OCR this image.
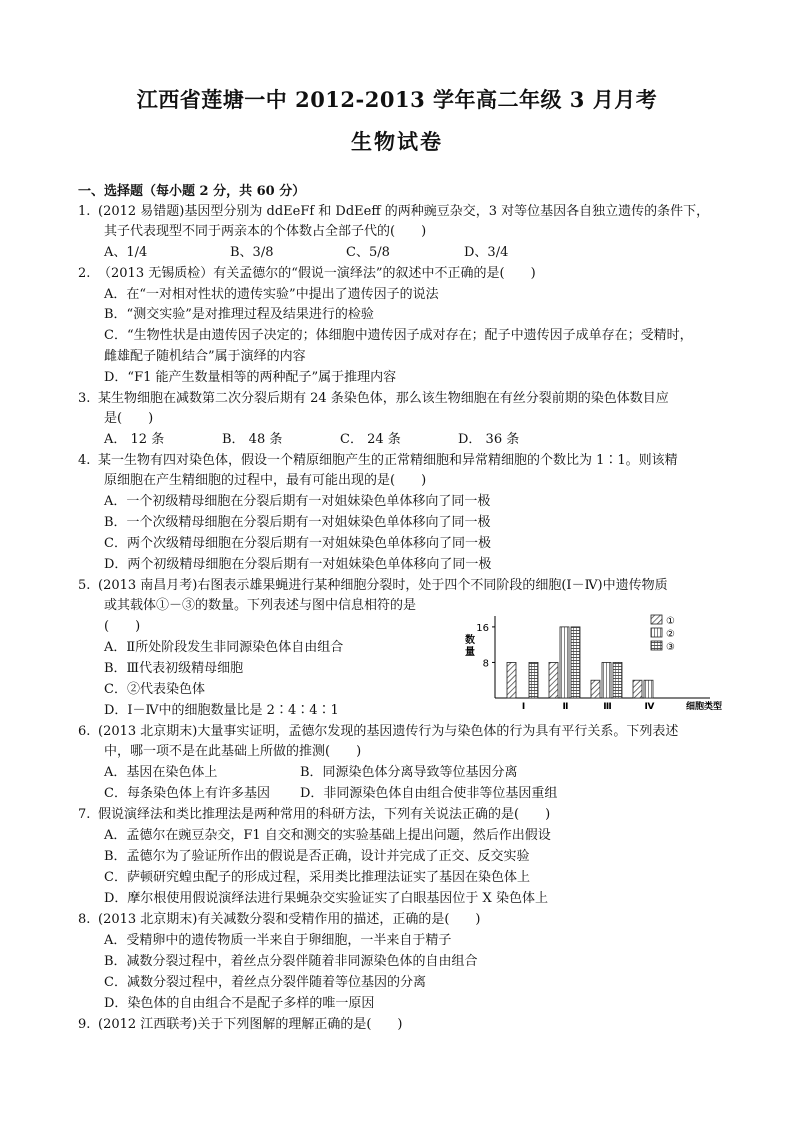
江西省莲塘一中 2012-2013 学年高二年级 3 月月考
生物试卷
一、选择题（每小题 2 分，共 60 分）
1. (2012 易错题)基因型分别为 ddEeFf 和 DdEeff 的两种豌豆杂交，3 对等位基因各自独立遗传的条件下，
其子代表现型不同于两亲本的个体数占全部子代的(　　)
A、1/4	B、3/8	C、5/8	D、3/4
2. （2013 无锡质检）有关孟德尔的“假说一演绎法”的叙述中不正确的是(　　)
A．在“一对相对性状的遗传实验”中提出了遗传因子的说法
B．“测交实验”是对推理过程及结果进行的检验
C．“生物性状是由遗传因子决定的；体细胞中遗传因子成对存在；配子中遗传因子成单存在；受精时，
雌雄配子随机结合”属于演绎的内容
D．“F1 能产生数量相等的两种配子”属于推理内容
3. 某生物细胞在减数第二次分裂后期有 24 条染色体，那么该生物细胞在有丝分裂前期的染色体数目应
是(　　)
A． 12 条	B． 48 条	C． 24 条	D． 36 条
4. 某一生物有四对染色体，假设一个精原细胞产生的正常精细胞和异常精细胞的个数比为 1∶1。则该精
原细胞在产生精细胞的过程中，最有可能出现的是(　　)
A．一个初级精母细胞在分裂后期有一对姐妹染色单体移向了同一极
B．一个次级精母细胞在分裂后期有一对姐妹染色单体移向了同一极
C．两个次级精母细胞在分裂后期有一对姐妹染色单体移向了同一极
D．两个初级精母细胞在分裂后期有一对姐妹染色单体移向了同一极
5. (2013 南昌月考)右图表示雄果蝇进行某种细胞分裂时，处于四个不同阶段的细胞(Ⅰ－Ⅳ)中遗传物质
或其载体①－③的数量。下列表述与图中信息相符的是
(　　)
A．Ⅱ所处阶段发生非同源染色体自由组合
B．Ⅲ代表初级精母细胞
C．②代表染色体
D．Ⅰ－Ⅳ中的细胞数量比是 2∶4∶4∶1
数量
8
16
Ⅰ	Ⅱ	Ⅲ	Ⅳ	细胞类型
①
②
③
6. (2013 北京期末)大量事实证明，孟德尔发现的基因遗传行为与染色体的行为具有平行关系。下列表述
中，哪一项不是在此基础上所做的推测(　　)
A．基因在染色体上	B．同源染色体分离导致等位基因分离
C．每条染色体上有许多基因 D．非同源染色体自由组合使非等位基因重组
7. 假说演绎法和类比推理法是两种常用的科研方法，下列有关说法正确的是(　　)
A．孟德尔在豌豆杂交，F1 自交和测交的实验基础上提出问题，然后作出假设
B．孟德尔为了验证所作出的假说是否正确，设计并完成了正交、反交实验
C．萨顿研究蝗虫配子的形成过程，采用类比推理法证实了基因在染色体上
D．摩尔根使用假说演绎法进行果蝇杂交实验证实了白眼基因位于 X 染色体上
8. (2013 北京期末)有关减数分裂和受精作用的描述，正确的是(　　)
A．受精卵中的遗传物质一半来自于卵细胞，一半来自于精子
B．减数分裂过程中，着丝点分裂伴随着非同源染色体的自由组合
C．减数分裂过程中，着丝点分裂伴随着等位基因的分离
D．染色体的自由组合不是配子多样的唯一原因
9. (2012 江西联考)关于下列图解的理解正确的是(　　)
